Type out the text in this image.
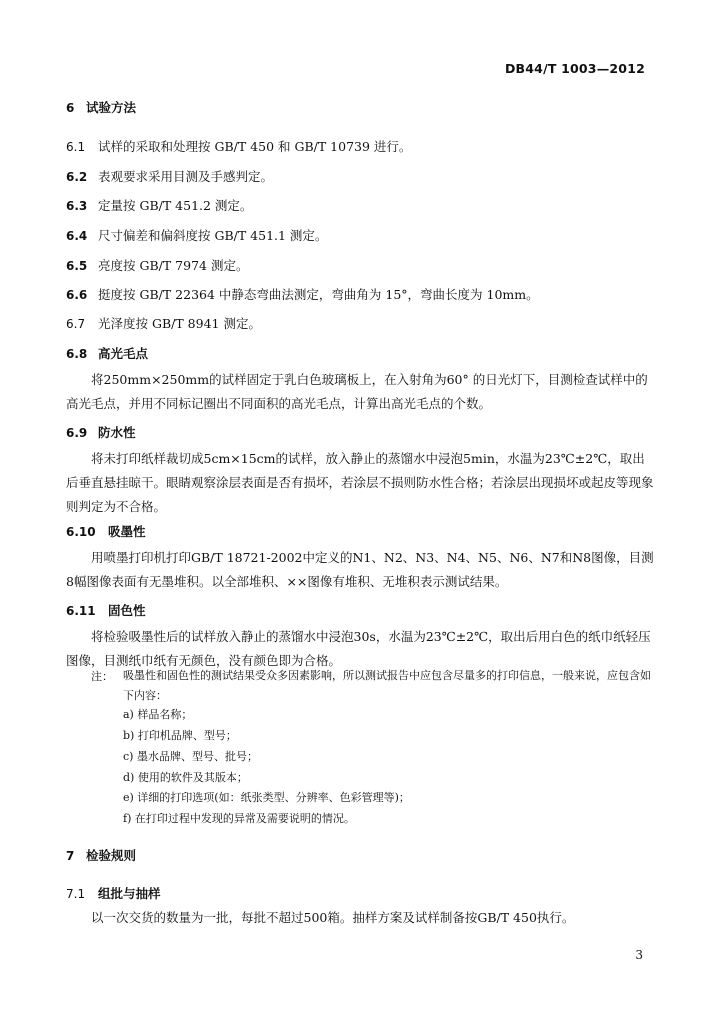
DB44/T 1003—2012
6 试验方法
6.1 试样的采取和处理按 GB/T 450 和 GB/T 10739 进行。
6.2 表观要求采用目测及手感判定。
6.3 定量按 GB/T 451.2 测定。
6.4 尺寸偏差和偏斜度按 GB/T 451.1 测定。
6.5 亮度按 GB/T 7974 测定。
6.6 挺度按 GB/T 22364 中静态弯曲法测定，弯曲角为 15°，弯曲长度为 10mm。
6.7 光泽度按 GB/T 8941 测定。
6.8 高光毛点
将250mm×250mm的试样固定于乳白色玻璃板上，在入射角为60° 的日光灯下，目测检查试样中的高光毛点，并用不同标记圈出不同面积的高光毛点，计算出高光毛点的个数。
6.9 防水性
将未打印纸样裁切成5cm×15cm的试样，放入静止的蒸馏水中浸泡5min，水温为23℃±2℃，取出后垂直悬挂晾干。眼睛观察涂层表面是否有损坏，若涂层不损则防水性合格；若涂层出现损坏或起皮等现象则判定为不合格。
6.10 吸墨性
用喷墨打印机打印GB/T 18721-2002中定义的N1、N2、N3、N4、N5、N6、N7和N8图像，目测8幅图像表面有无墨堆积。以全部堆积、××图像有堆积、无堆积表示测试结果。
6.11 固色性
将检验吸墨性后的试样放入静止的蒸馏水中浸泡30s，水温为23℃±2℃，取出后用白色的纸巾纸轻压图像，目测纸巾纸有无颜色，没有颜色即为合格。
注： 吸墨性和固色性的测试结果受众多因素影响，所以测试报告中应包含尽量多的打印信息，一般来说，应包含如下内容：
a) 样品名称；
b) 打印机品牌、型号；
c) 墨水品牌、型号、批号；
d) 使用的软件及其版本；
e) 详细的打印选项(如：纸张类型、分辨率、色彩管理等)；
f) 在打印过程中发现的异常及需要说明的情况。
7 检验规则
7.1 组批与抽样
以一次交货的数量为一批，每批不超过500箱。抽样方案及试样制备按GB/T 450执行。
3
